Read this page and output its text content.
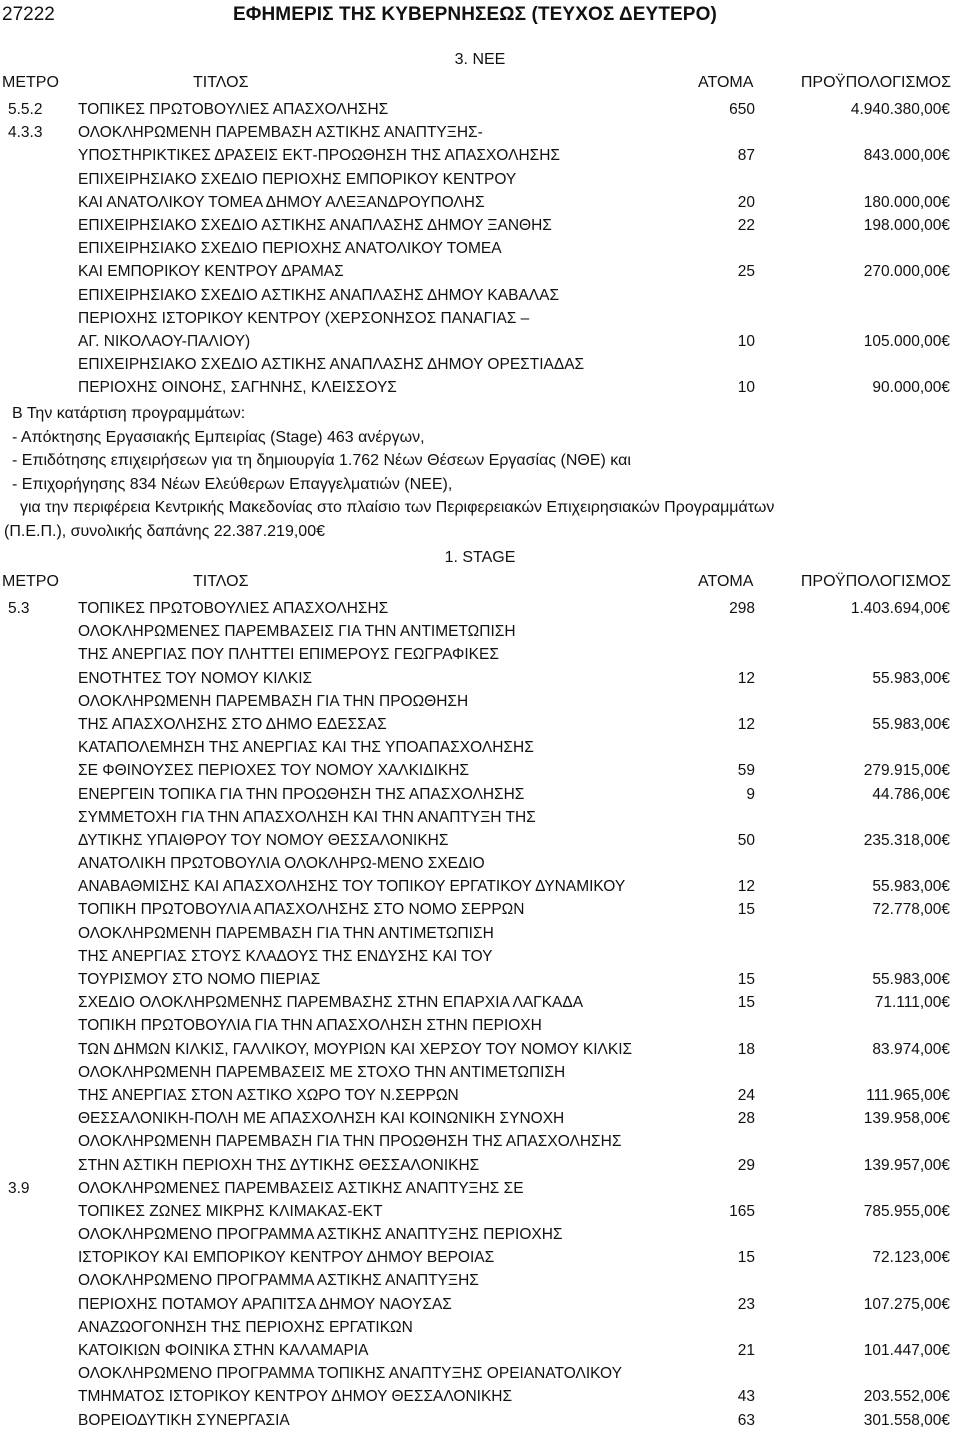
27222	ΕΦΗΜΕΡΙΣ ΤΗΣ ΚΥΒΕΡΝΗΣΕΩΣ (ΤΕΥΧΟΣ ΔΕΥΤΕΡΟ)
3. ΝΕΕ
ΜΕΤΡΟ	ΤΙΤΛΟΣ	ΑΤΟΜΑ	ΠΡΟΫΠΟΛΟΓΙΣΜΟΣ
5.5.2 ΤΟΠΙΚΕΣ ΠΡΩΤΟΒΟΥΛΙΕΣ ΑΠΑΣΧΟΛΗΣΗΣ	650	4.940.380,00€
4.3.3 ΟΛΟΚΛΗΡΩΜΕΝΗ ΠΑΡΕΜΒΑΣΗ ΑΣΤΙΚΗΣ ΑΝΑΠΤΥΞΗΣ-
ΥΠΟΣΤΗΡΙΚΤΙΚΕΣ ΔΡΑΣΕΙΣ ΕΚΤ-ΠΡΟΩΘΗΣΗ ΤΗΣ ΑΠΑΣΧΟΛΗΣΗΣ	87	843.000,00€
ΕΠΙΧΕΙΡΗΣΙΑΚΟ ΣΧΕΔΙΟ ΠΕΡΙΟΧΗΣ ΕΜΠΟΡΙΚΟΥ ΚΕΝΤΡΟΥ
ΚΑΙ ΑΝΑΤΟΛΙΚΟΥ ΤΟΜΕΑ ΔΗΜΟΥ ΑΛΕΞΑΝΔΡΟΥΠΟΛΗΣ	20	180.000,00€
ΕΠΙΧΕΙΡΗΣΙΑΚΟ ΣΧΕΔΙΟ ΑΣΤΙΚΗΣ ΑΝΑΠΛΑΣΗΣ ΔΗΜΟΥ ΞΑΝΘΗΣ	22	198.000,00€
ΕΠΙΧΕΙΡΗΣΙΑΚΟ ΣΧΕΔΙΟ ΠΕΡΙΟΧΗΣ ΑΝΑΤΟΛΙΚΟΥ ΤΟΜΕΑ
ΚΑΙ ΕΜΠΟΡΙΚΟΥ ΚΕΝΤΡΟΥ ΔΡΑΜΑΣ	25	270.000,00€
ΕΠΙΧΕΙΡΗΣΙΑΚΟ ΣΧΕΔΙΟ ΑΣΤΙΚΗΣ ΑΝΑΠΛΑΣΗΣ ΔΗΜΟΥ ΚΑΒΑΛΑΣ
ΠΕΡΙΟΧΗΣ ΙΣΤΟΡΙΚΟΥ ΚΕΝΤΡΟΥ (ΧΕΡΣΟΝΗΣΟΣ ΠΑΝΑΓΙΑΣ –
ΑΓ. ΝΙΚΟΛΑΟΥ-ΠΑΛΙΟΥ)	10	105.000,00€
ΕΠΙΧΕΙΡΗΣΙΑΚΟ ΣΧΕΔΙΟ ΑΣΤΙΚΗΣ ΑΝΑΠΛΑΣΗΣ ΔΗΜΟΥ ΟΡΕΣΤΙΑΔΑΣ
ΠΕΡΙΟΧΗΣ ΟΙΝΟΗΣ, ΣΑΓΗΝΗΣ, ΚΛΕΙΣΣΟΥΣ	10	90.000,00€
Β Την κατάρτιση προγραμμάτων:
- Απόκτησης Εργασιακής Εμπειρίας (Stage) 463 ανέργων,
- Επιδότησης επιχειρήσεων για τη δημιουργία 1.762 Νέων Θέσεων Εργασίας (ΝΘΕ) και
- Επιχορήγησης 834 Νέων Ελεύθερων Επαγγελματιών (ΝΕΕ),
για την περιφέρεια Κεντρικής Μακεδονίας στο πλαίσιο των Περιφερειακών Επιχειρησιακών Προγραμμάτων
(Π.Ε.Π.), συνολικής δαπάνης 22.387.219,00€
1. STAGE
ΜΕΤΡΟ	ΤΙΤΛΟΣ	ΑΤΟΜΑ	ΠΡΟΫΠΟΛΟΓΙΣΜΟΣ
5.3	ΤΟΠΙΚΕΣ ΠΡΩΤΟΒΟΥΛΙΕΣ ΑΠΑΣΧΟΛΗΣΗΣ	298	1.403.694,00€
ΟΛΟΚΛΗΡΩΜΕΝΕΣ ΠΑΡΕΜΒΑΣΕΙΣ ΓΙΑ ΤΗΝ ΑΝΤΙΜΕΤΩΠΙΣΗ
ΤΗΣ ΑΝΕΡΓΙΑΣ ΠΟΥ ΠΛΗΤΤΕΙ ΕΠΙΜΕΡΟΥΣ ΓΕΩΓΡΑΦΙΚΕΣ
ΕΝΟΤΗΤΕΣ ΤΟΥ ΝΟΜΟΥ ΚΙΛΚΙΣ	12	55.983,00€
ΟΛΟΚΛΗΡΩΜΕΝΗ ΠΑΡΕΜΒΑΣΗ ΓΙΑ ΤΗΝ ΠΡΟΩΘΗΣΗ
ΤΗΣ ΑΠΑΣΧΟΛΗΣΗΣ ΣΤΟ ΔΗΜΟ ΕΔΕΣΣΑΣ	12	55.983,00€
ΚΑΤΑΠΟΛΕΜΗΣΗ ΤΗΣ ΑΝΕΡΓΙΑΣ ΚΑΙ ΤΗΣ ΥΠΟΑΠΑΣΧΟΛΗΣΗΣ
ΣΕ ΦΘΙΝΟΥΣΕΣ ΠΕΡΙΟΧΕΣ ΤΟΥ ΝΟΜΟΥ ΧΑΛΚΙΔΙΚΗΣ	59	279.915,00€
ΕΝΕΡΓΕΙΝ ΤΟΠΙΚΑ ΓΙΑ ΤΗΝ ΠΡΟΩΘΗΣΗ ΤΗΣ ΑΠΑΣΧΟΛΗΣΗΣ	9	44.786,00€
ΣΥΜΜΕΤΟΧΗ ΓΙΑ ΤΗΝ ΑΠΑΣΧΟΛΗΣΗ ΚΑΙ ΤΗΝ ΑΝΑΠΤΥΞΗ ΤΗΣ
ΔΥΤΙΚΗΣ ΥΠΑΙΘΡΟΥ ΤΟΥ ΝΟΜΟΥ ΘΕΣΣΑΛΟΝΙΚΗΣ	50	235.318,00€
ΑΝΑΤΟΛΙΚΗ ΠΡΩΤΟΒΟΥΛΙΑ ΟΛΟΚΛΗΡΩ-ΜΕΝΟ ΣΧΕΔΙΟ
ΑΝΑΒΑΘΜΙΣΗΣ ΚΑΙ ΑΠΑΣΧΟΛΗΣΗΣ ΤΟΥ ΤΟΠΙΚΟΥ ΕΡΓΑΤΙΚΟΥ ΔΥΝΑΜΙΚΟΥ	12	55.983,00€
ΤΟΠΙΚΗ ΠΡΩΤΟΒΟΥΛΙΑ ΑΠΑΣΧΟΛΗΣΗΣ ΣΤΟ ΝΟΜΟ ΣΕΡΡΩΝ	15	72.778,00€
ΟΛΟΚΛΗΡΩΜΕΝΗ ΠΑΡΕΜΒΑΣΗ ΓΙΑ ΤΗΝ ΑΝΤΙΜΕΤΩΠΙΣΗ
ΤΗΣ ΑΝΕΡΓΙΑΣ ΣΤΟΥΣ ΚΛΑΔΟΥΣ ΤΗΣ ΕΝΔΥΣΗΣ ΚΑΙ ΤΟΥ
ΤΟΥΡΙΣΜΟΥ ΣΤΟ ΝΟΜΟ ΠΙΕΡΙΑΣ	15	55.983,00€
ΣΧΕΔΙΟ ΟΛΟΚΛΗΡΩΜΕΝΗΣ ΠΑΡΕΜΒΑΣΗΣ ΣΤΗΝ ΕΠΑΡΧΙΑ ΛΑΓΚΑΔΑ	15	71.111,00€
ΤΟΠΙΚΗ ΠΡΩΤΟΒΟΥΛΙΑ ΓΙΑ ΤΗΝ ΑΠΑΣΧΟΛΗΣΗ ΣΤΗΝ ΠΕΡΙΟΧΗ
ΤΩΝ ΔΗΜΩΝ ΚΙΛΚΙΣ, ΓΑΛΛΙΚΟΥ, ΜΟΥΡΙΩΝ ΚΑΙ ΧΕΡΣΟΥ ΤΟΥ ΝΟΜΟΥ ΚΙΛΚΙΣ	18	83.974,00€
ΟΛΟΚΛΗΡΩΜΕΝΗ ΠΑΡΕΜΒΑΣΕΙΣ ΜΕ ΣΤΟΧΟ ΤΗΝ ΑΝΤΙΜΕΤΩΠΙΣΗ
ΤΗΣ ΑΝΕΡΓΙΑΣ ΣΤΟΝ ΑΣΤΙΚΟ ΧΩΡΟ ΤΟΥ Ν.ΣΕΡΡΩΝ	24	111.965,00€
ΘΕΣΣΑΛΟΝΙΚΗ-ΠΟΛΗ ΜΕ ΑΠΑΣΧΟΛΗΣΗ ΚΑΙ ΚΟΙΝΩΝΙΚΗ ΣΥΝΟΧΗ	28	139.958,00€
ΟΛΟΚΛΗΡΩΜΕΝΗ ΠΑΡΕΜΒΑΣΗ ΓΙΑ ΤΗΝ ΠΡΟΩΘΗΣΗ ΤΗΣ ΑΠΑΣΧΟΛΗΣΗΣ
ΣΤΗΝ ΑΣΤΙΚΗ ΠΕΡΙΟΧΗ ΤΗΣ ΔΥΤΙΚΗΣ ΘΕΣΣΑΛΟΝΙΚΗΣ	29	139.957,00€
3.9	ΟΛΟΚΛΗΡΩΜΕΝΕΣ ΠΑΡΕΜΒΑΣΕΙΣ ΑΣΤΙΚΗΣ ΑΝΑΠΤΥΞΗΣ ΣΕ
ΤΟΠΙΚΕΣ ΖΩΝΕΣ ΜΙΚΡΗΣ ΚΛΙΜΑΚΑΣ-ΕΚΤ	165	785.955,00€
ΟΛΟΚΛΗΡΩΜΕΝΟ ΠΡΟΓΡΑΜΜΑ ΑΣΤΙΚΗΣ ΑΝΑΠΤΥΞΗΣ ΠΕΡΙΟΧΗΣ
ΙΣΤΟΡΙΚΟΥ ΚΑΙ ΕΜΠΟΡΙΚΟΥ ΚΕΝΤΡΟΥ ΔΗΜΟΥ ΒΕΡΟΙΑΣ	15	72.123,00€
ΟΛΟΚΛΗΡΩΜΕΝΟ ΠΡΟΓΡΑΜΜΑ ΑΣΤΙΚΗΣ ΑΝΑΠΤΥΞΗΣ
ΠΕΡΙΟΧΗΣ ΠΟΤΑΜΟΥ ΑΡΑΠΙΤΣΑ ΔΗΜΟΥ ΝΑΟΥΣΑΣ	23	107.275,00€
ΑΝΑΖΩΟΓΟΝΗΣΗ ΤΗΣ ΠΕΡΙΟΧΗΣ ΕΡΓΑΤΙΚΩΝ
ΚΑΤΟΙΚΙΩΝ ΦΟΙΝΙΚΑ ΣΤΗΝ ΚΑΛΑΜΑΡΙΑ	21	101.447,00€
ΟΛΟΚΛΗΡΩΜΕΝΟ ΠΡΟΓΡΑΜΜΑ ΤΟΠΙΚΗΣ ΑΝΑΠΤΥΞΗΣ ΟΡΕΙΑΝΑΤΟΛΙΚΟΥ
ΤΜΗΜΑΤΟΣ ΙΣΤΟΡΙΚΟΥ ΚΕΝΤΡΟΥ ΔΗΜΟΥ ΘΕΣΣΑΛΟΝΙΚΗΣ	43	203.552,00€
ΒΟΡΕΙΟΔΥΤΙΚΗ ΣΥΝΕΡΓΑΣΙΑ	63	301.558,00€
